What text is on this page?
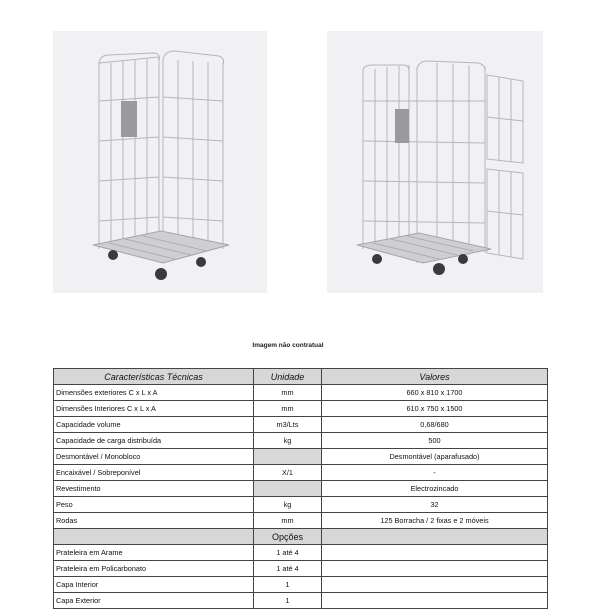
Imagem não contratual
Características Técnicas	Unidade	Valores
Dimensões exteriores C x L x A	mm	660 x 810 x 1700
Dimensões Interiores C x L x A	mm	610 x 750 x 1500
Capacidade volume	m3/Lts	0,68/680
Capacidade de carga distribuída	kg	500
Desmontável / Monobloco		Desmontável (aparafusado)
Encaixável / Sobreponível	X/1	-
Revestimento		Electrozincado
Peso	kg	32
Rodas	mm	125 Borracha / 2 fixas e 2 móveis
	Opções	
Prateleira em Arame	1 até 4	
Prateleira em Policarbonato	1 até 4	
Capa Interior	1	
Capa Exterior	1	
